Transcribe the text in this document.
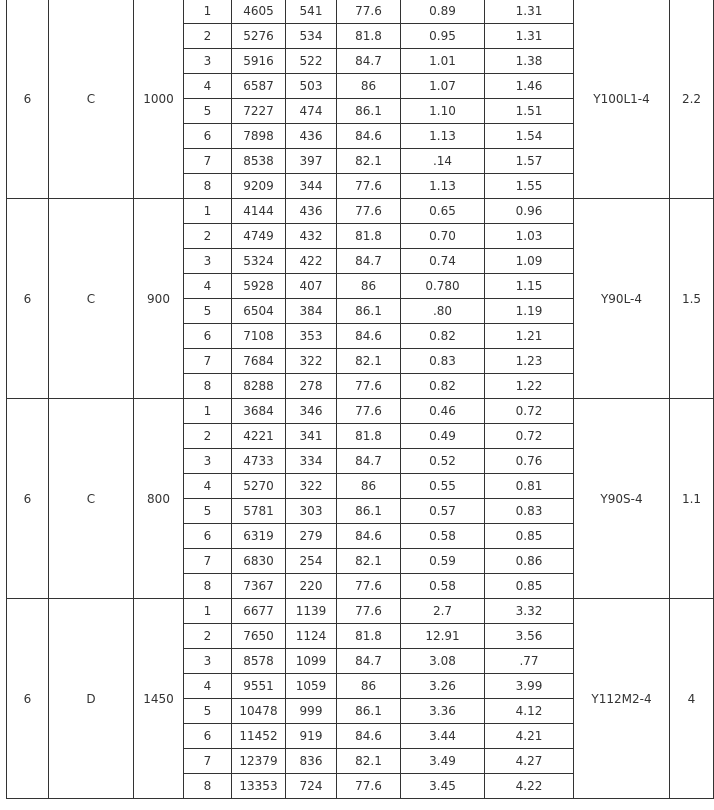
6	C	1000	1	4605	541	77.6	0.89	1.31	Y100L1-4	2.2
			2	5276	534	81.8	0.95	1.31		
			3	5916	522	84.7	1.01	1.38		
			4	6587	503	86	1.07	1.46		
			5	7227	474	86.1	1.10	1.51		
			6	7898	436	84.6	1.13	1.54		
			7	8538	397	82.1	.14	1.57		
			8	9209	344	77.6	1.13	1.55		
6	C	900	1	4144	436	77.6	0.65	0.96	Y90L-4	1.5
			2	4749	432	81.8	0.70	1.03		
			3	5324	422	84.7	0.74	1.09		
			4	5928	407	86	0.780	1.15		
			5	6504	384	86.1	.80	1.19		
			6	7108	353	84.6	0.82	1.21		
			7	7684	322	82.1	0.83	1.23		
			8	8288	278	77.6	0.82	1.22		
6	C	800	1	3684	346	77.6	0.46	0.72	Y90S-4	1.1
			2	4221	341	81.8	0.49	0.72		
			3	4733	334	84.7	0.52	0.76		
			4	5270	322	86	0.55	0.81		
			5	5781	303	86.1	0.57	0.83		
			6	6319	279	84.6	0.58	0.85		
			7	6830	254	82.1	0.59	0.86		
			8	7367	220	77.6	0.58	0.85		
6	D	1450	1	6677	1139	77.6	2.7	3.32	Y112M2-4	4
			2	7650	1124	81.8	12.91	3.56		
			3	8578	1099	84.7	3.08	.77		
			4	9551	1059	86	3.26	3.99		
			5	10478	999	86.1	3.36	4.12		
			6	11452	919	84.6	3.44	4.21		
			7	12379	836	82.1	3.49	4.27		
			8	13353	724	77.6	3.45	4.22		
